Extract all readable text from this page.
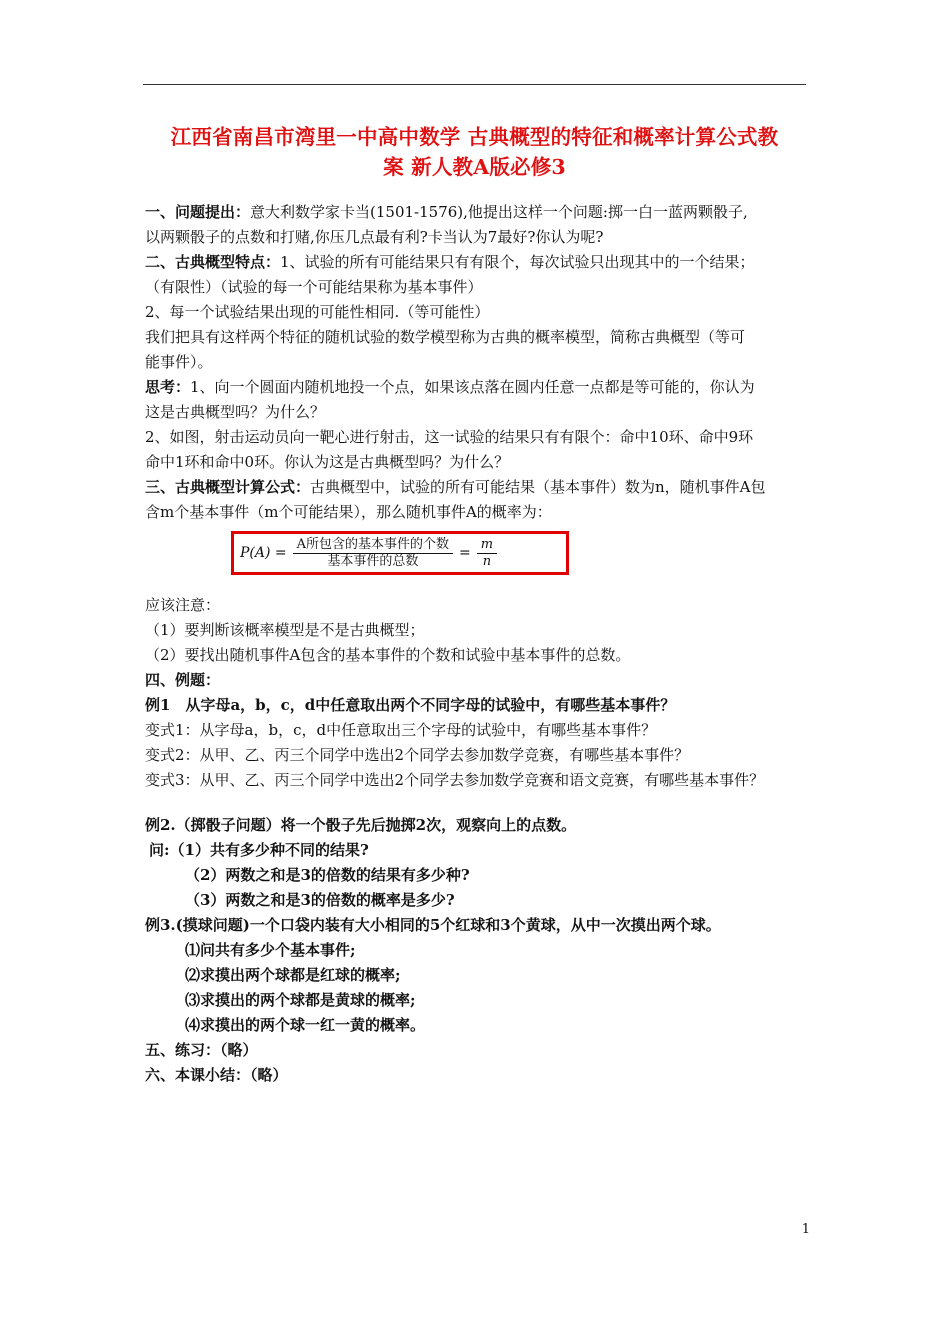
江西省南昌市湾里一中高中数学 古典概型的特征和概率计算公式教
案 新人教A版必修3
一、问题提出：意大利数学家卡当(1501-1576),他提出这样一个问题:掷一白一蓝两颗骰子,
以两颗骰子的点数和打赌,你压几点最有利?卡当认为7最好?你认为呢?
二、古典概型特点：1、试验的所有可能结果只有有限个，每次试验只出现其中的一个结果；
（有限性）（试验的每一个可能结果称为基本事件）
2、每一个试验结果出现的可能性相同.（等可能性）
我们把具有这样两个特征的随机试验的数学模型称为古典的概率模型，简称古典概型（等可
能事件）。
思考：1、向一个圆面内随机地投一个点，如果该点落在圆内任意一点都是等可能的，你认为
这是古典概型吗？为什么？
2、如图，射击运动员向一靶心进行射击，这一试验的结果只有有限个：命中10环、命中9环
命中1环和命中0环。你认为这是古典概型吗？为什么？
三、古典概型计算公式：古典概型中，试验的所有可能结果（基本事件）数为n，随机事件A包
含m个基本事件（m个可能结果），那么随机事件A的概率为：
$P(A) = \frac{\text{A所包含的基本事件的个数}}{\text{基本事件的总数}} = \frac{m}{n}$
应该注意：
（1）要判断该概率模型是不是古典概型；
（2）要找出随机事件A包含的基本事件的个数和试验中基本事件的总数。
四、例题：
例1　从字母a，b，c，d中任意取出两个不同字母的试验中，有哪些基本事件？
变式1：从字母a，b，c，d中任意取出三个字母的试验中，有哪些基本事件？
变式2：从甲、乙、丙三个同学中选出2个同学去参加数学竞赛，有哪些基本事件？
变式3：从甲、乙、丙三个同学中选出2个同学去参加数学竞赛和语文竞赛，有哪些基本事件？
例2.（掷骰子问题）将一个骰子先后抛掷2次，观察向上的点数。
问:（1）共有多少种不同的结果?
（2）两数之和是3的倍数的结果有多少种?
（3）两数之和是3的倍数的概率是多少?
例3.(摸球问题)一个口袋内装有大小相同的5个红球和3个黄球，从中一次摸出两个球。
⑴问共有多少个基本事件;
⑵求摸出两个球都是红球的概率;
⑶求摸出的两个球都是黄球的概率;
⑷求摸出的两个球一红一黄的概率。
五、练习：（略）
六、本课小结：（略）
1
